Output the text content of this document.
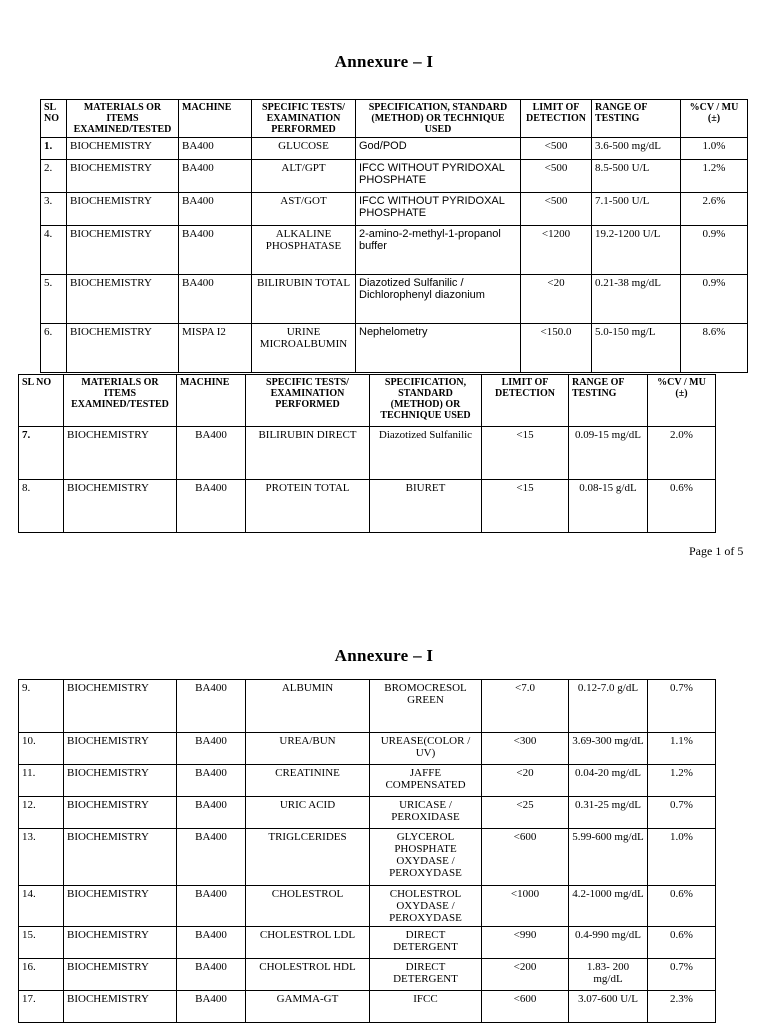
Annexure – I
SL NO	MATERIALS OR ITEMS EXAMINED/TESTED	MACHINE	SPECIFIC TESTS/ EXAMINATION PERFORMED	SPECIFICATION, STANDARD (METHOD) OR TECHNIQUE USED	LIMIT OF DETECTION	RANGE OF TESTING	%CV / MU (±)
1.	BIOCHEMISTRY	BA400	GLUCOSE	God/POD	<500	3.6-500 mg/dL	1.0%
2.	BIOCHEMISTRY	BA400	ALT/GPT	IFCC WITHOUT PYRIDOXAL PHOSPHATE	<500	8.5-500 U/L	1.2%
3.	BIOCHEMISTRY	BA400	AST/GOT	IFCC WITHOUT PYRIDOXAL PHOSPHATE	<500	7.1-500 U/L	2.6%
4.	BIOCHEMISTRY	BA400	ALKALINE PHOSPHATASE	2-amino-2-methyl-1-propanol buffer	<1200	19.2-1200 U/L	0.9%
5.	BIOCHEMISTRY	BA400	BILIRUBIN TOTAL	Diazotized Sulfanilic / Dichlorophenyl diazonium	<20	0.21-38 mg/dL	0.9%
6.	BIOCHEMISTRY	MISPA I2	URINE MICROALBUMIN	Nephelometry	<150.0	5.0-150 mg/L	8.6%
SL NO	MATERIALS OR ITEMS EXAMINED/TESTED	MACHINE	SPECIFIC TESTS/ EXAMINATION PERFORMED	SPECIFICATION, STANDARD (METHOD) OR TECHNIQUE USED	LIMIT OF DETECTION	RANGE OF TESTING	%CV / MU (±)
7.	BIOCHEMISTRY	BA400	BILIRUBIN DIRECT	Diazotized Sulfanilic	<15	0.09-15 mg/dL	2.0%
8.	BIOCHEMISTRY	BA400	PROTEIN TOTAL	BIURET	<15	0.08-15 g/dL	0.6%
Page 1 of 5
Annexure – I
9.	BIOCHEMISTRY	BA400	ALBUMIN	BROMOCRESOL GREEN	<7.0	0.12-7.0 g/dL	0.7%
10.	BIOCHEMISTRY	BA400	UREA/BUN	UREASE(COLOR / UV)	<300	3.69-300 mg/dL	1.1%
11.	BIOCHEMISTRY	BA400	CREATININE	JAFFE COMPENSATED	<20	0.04-20 mg/dL	1.2%
12.	BIOCHEMISTRY	BA400	URIC ACID	URICASE / PEROXIDASE	<25	0.31-25 mg/dL	0.7%
13.	BIOCHEMISTRY	BA400	TRIGLCERIDES	GLYCEROL PHOSPHATE OXYDASE / PEROXYDASE	<600	5.99-600 mg/dL	1.0%
14.	BIOCHEMISTRY	BA400	CHOLESTROL	CHOLESTROL OXYDASE / PEROXYDASE	<1000	4.2-1000 mg/dL	0.6%
15.	BIOCHEMISTRY	BA400	CHOLESTROL LDL	DIRECT DETERGENT	<990	0.4-990 mg/dL	0.6%
16.	BIOCHEMISTRY	BA400	CHOLESTROL HDL	DIRECT DETERGENT	<200	1.83- 200 mg/dL	0.7%
17.	BIOCHEMISTRY	BA400	GAMMA-GT	IFCC	<600	3.07-600 U/L	2.3%
